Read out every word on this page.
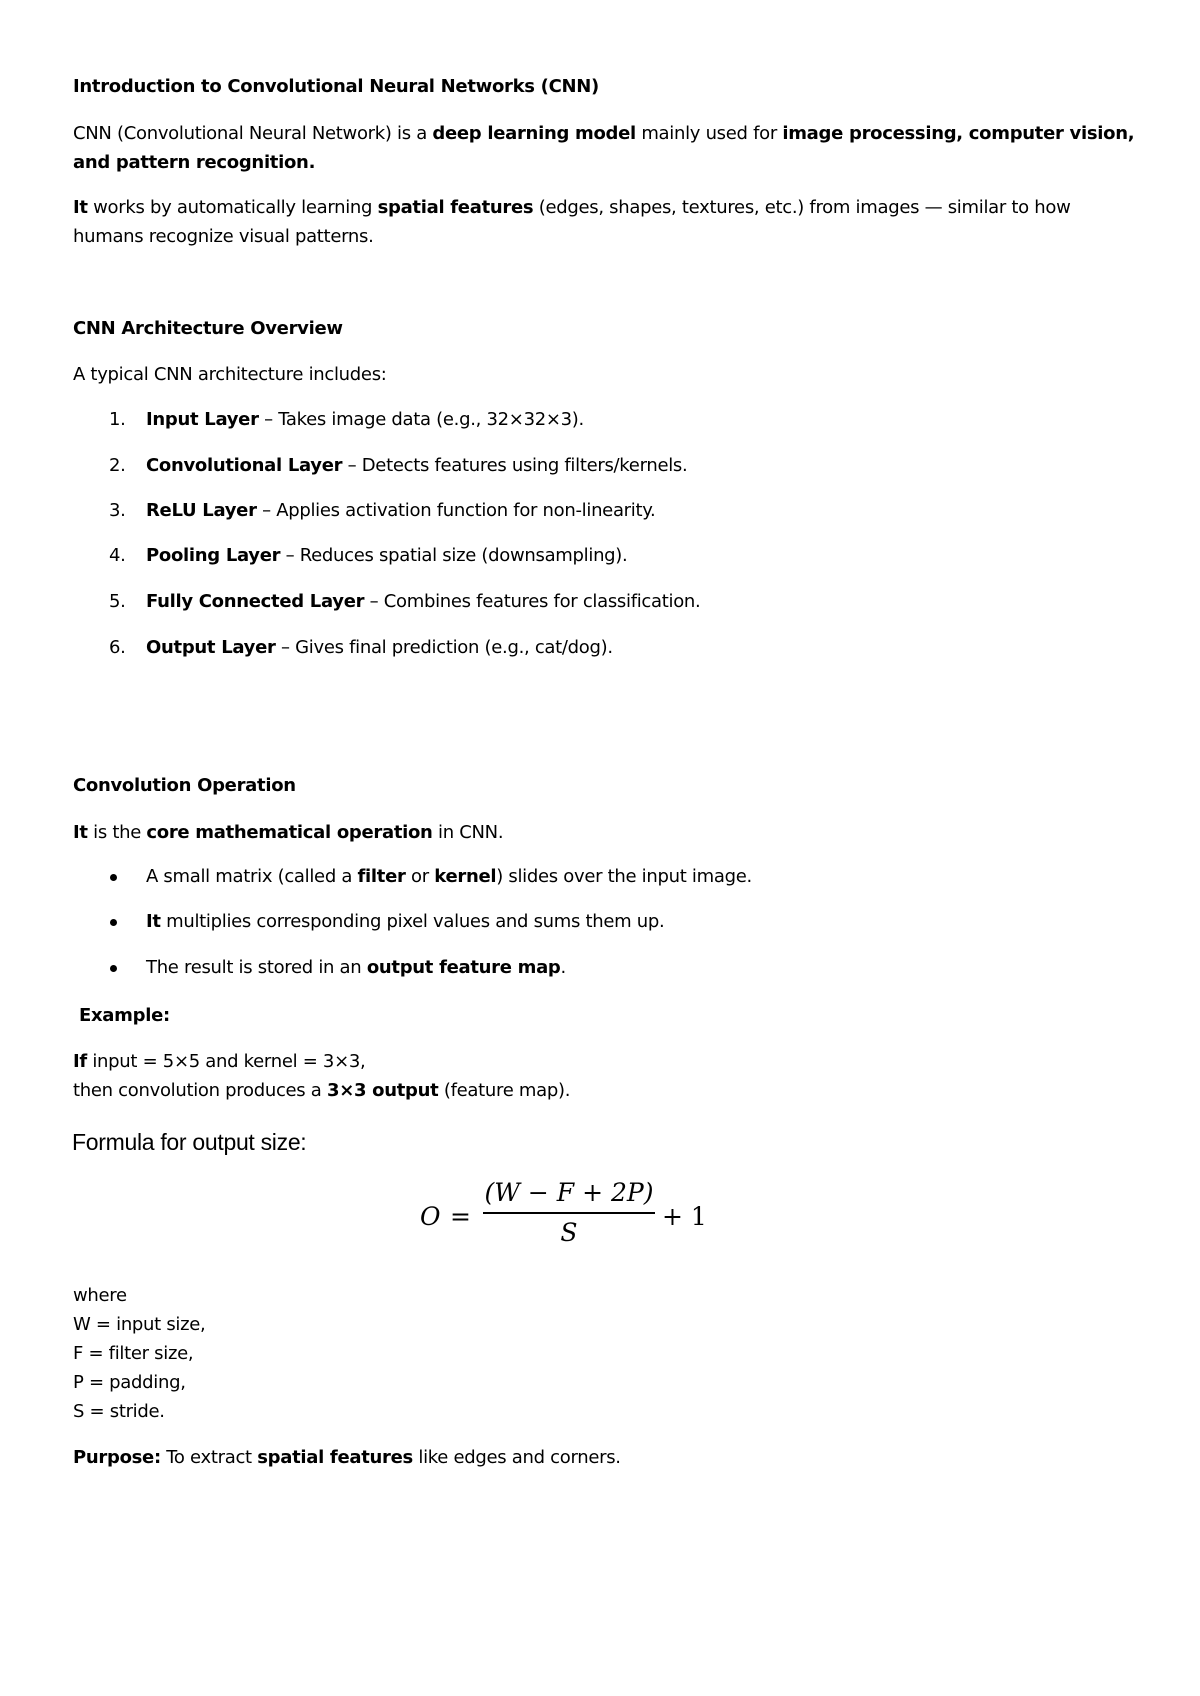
Introduction to Convolutional Neural Networks (CNN)
CNN (Convolutional Neural Network) is a deep learning model mainly used for image processing, computer vision, and pattern recognition.
It works by automatically learning spatial features (edges, shapes, textures, etc.) from images — similar to how humans recognize visual patterns.
CNN Architecture Overview
A typical CNN architecture includes:
1.	Input Layer – Takes image data (e.g., 32×32×3).
2.	Convolutional Layer – Detects features using filters/kernels.
3.	ReLU Layer – Applies activation function for non-linearity.
4.	Pooling Layer – Reduces spatial size (downsampling).
5.	Fully Connected Layer – Combines features for classification.
6.	Output Layer – Gives final prediction (e.g., cat/dog).
Convolution Operation
It is the core mathematical operation in CNN.
A small matrix (called a filter or kernel) slides over the input image.
It multiplies corresponding pixel values and sums them up.
The result is stored in an output feature map.
Example:
If input = 5×5 and kernel = 3×3,
then convolution produces a 3×3 output (feature map).
Formula for output size:
O =
(W − F + 2P)
S
+ 1
where
W = input size,
F = filter size,
P = padding,
S = stride.
Purpose: To extract spatial features like edges and corners.
